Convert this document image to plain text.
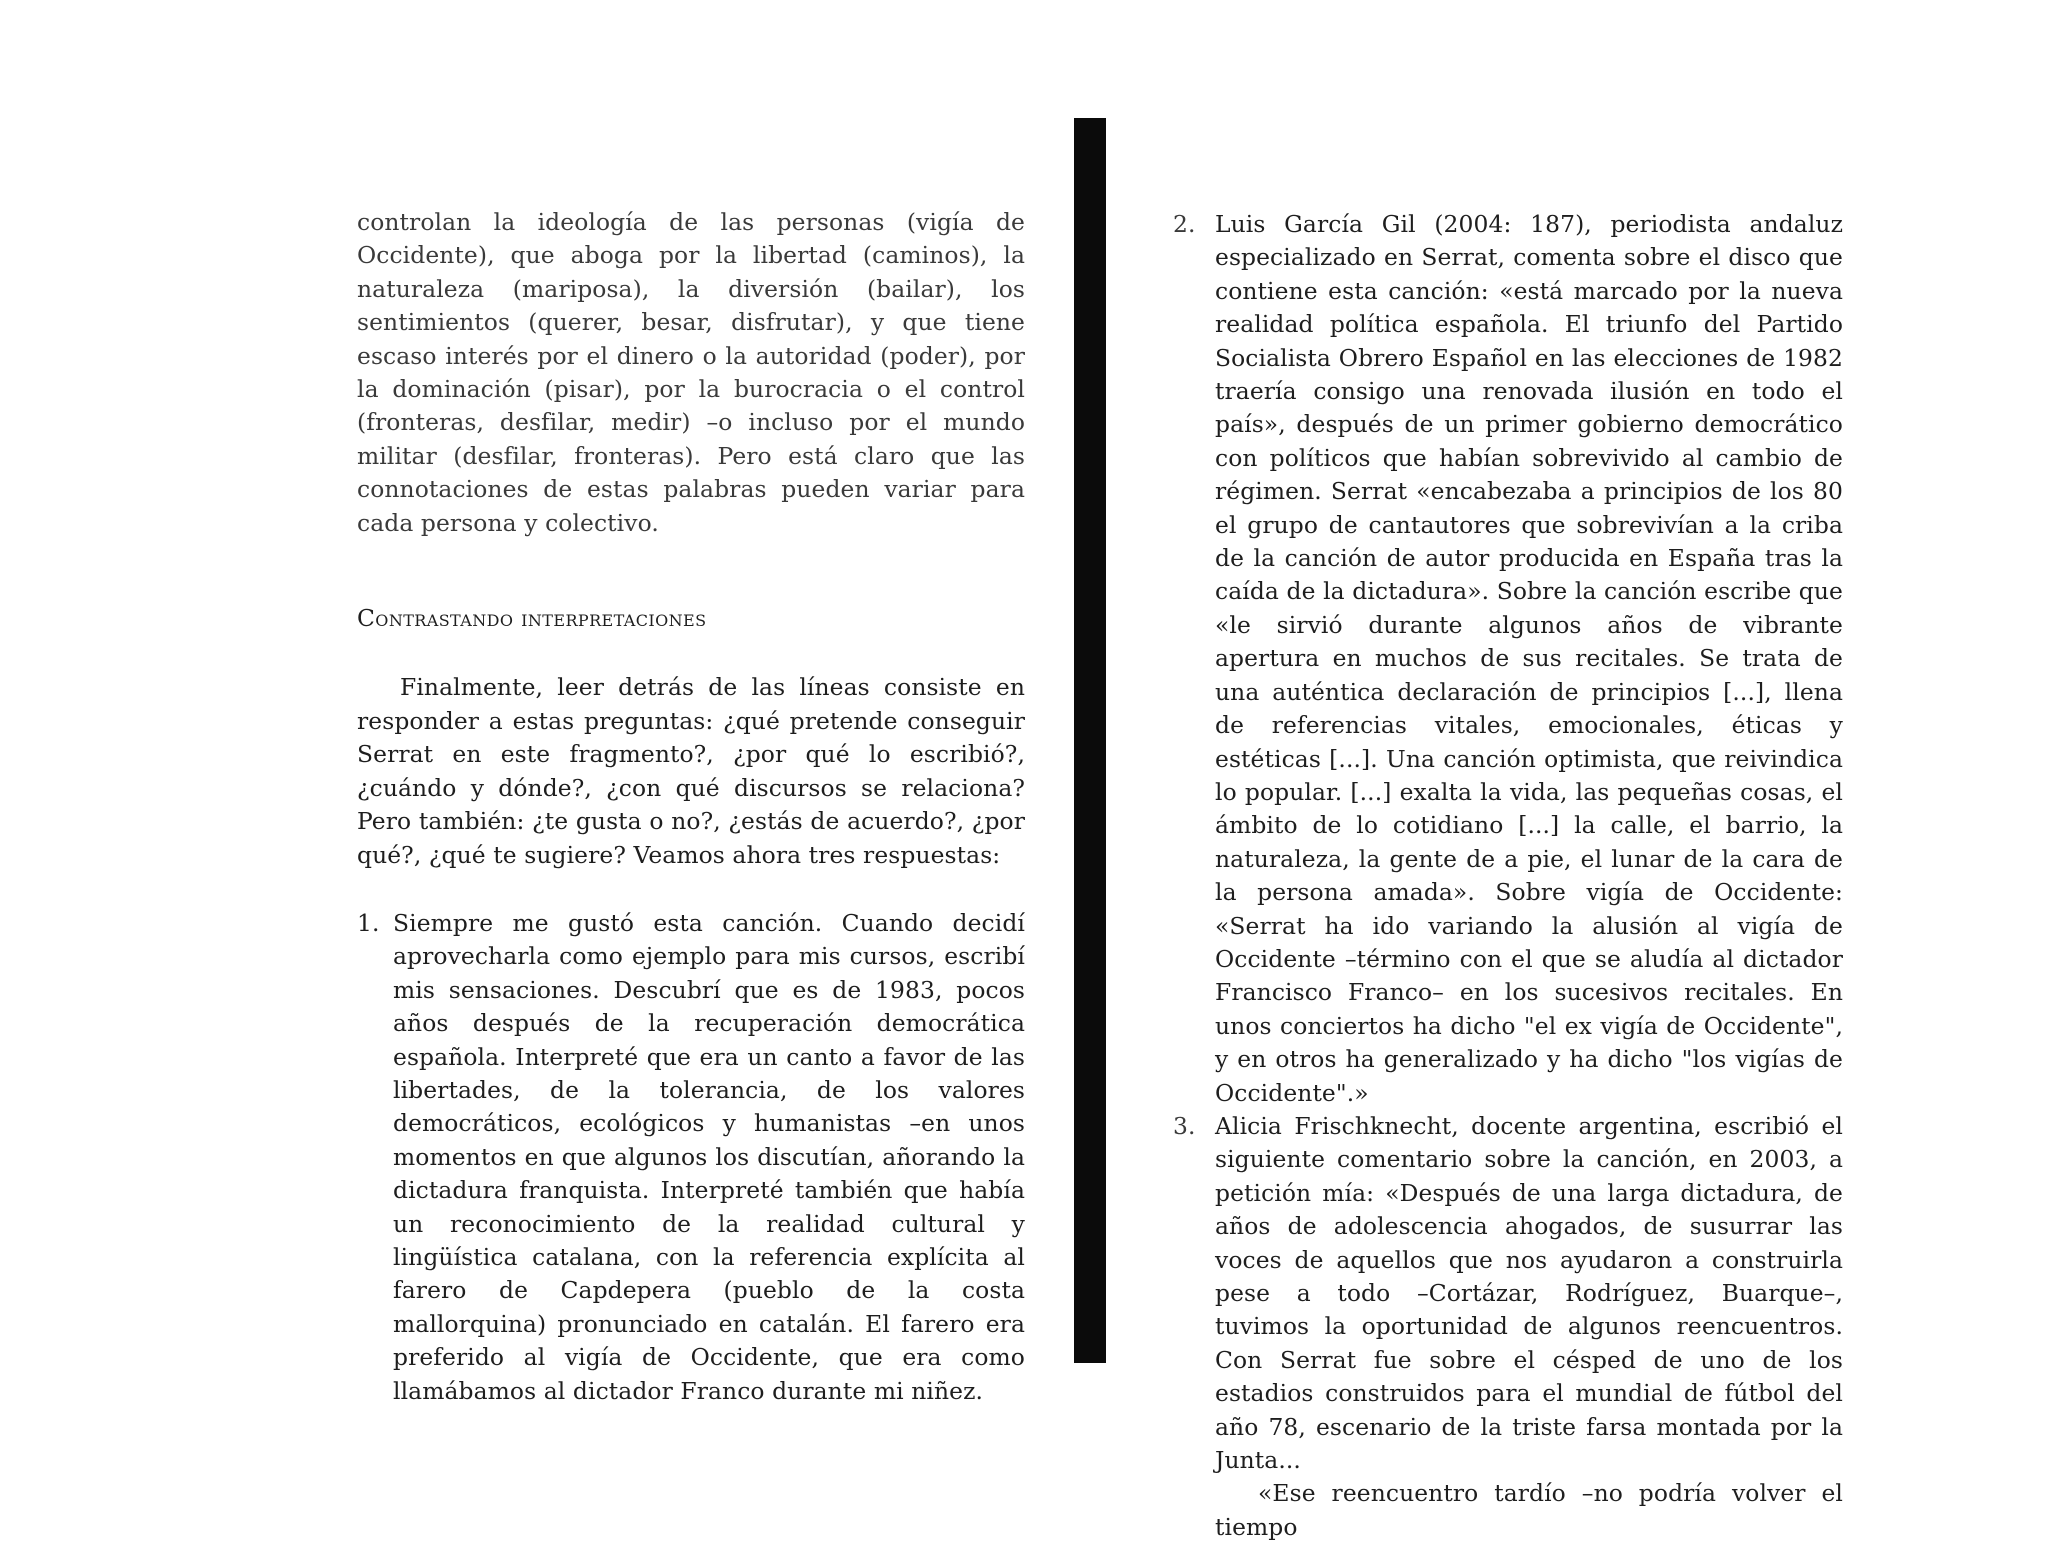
controlan la ideología de las personas (vigía de Occidente), que aboga por la libertad (caminos), la naturaleza (mariposa), la diversión (bailar), los sentimientos (querer, besar, disfrutar), y que tiene escaso interés por el dinero o la autoridad (poder), por la dominación (pisar), por la burocracia o el control (fronteras, desfilar, medir) –o incluso por el mundo militar (desfilar, fronteras). Pero está claro que las connotaciones de estas palabras pueden variar para cada persona y colectivo.

Contrastando interpretaciones

Finalmente, leer detrás de las líneas consiste en responder a estas preguntas: ¿qué pretende conseguir Serrat en este fragmento?, ¿por qué lo escribió?, ¿cuándo y dónde?, ¿con qué discursos se relaciona? Pero también: ¿te gusta o no?, ¿estás de acuerdo?, ¿por qué?, ¿qué te sugiere? Veamos ahora tres respuestas:

1. Siempre me gustó esta canción. Cuando decidí aprovecharla como ejemplo para mis cursos, escribí mis sensaciones. Descubrí que es de 1983, pocos años después de la recuperación democrática española. Interpreté que era un canto a favor de las libertades, de la tolerancia, de los valores democráticos, ecológicos y humanistas –en unos momentos en que algunos los discutían, añorando la dictadura franquista. Interpreté también que había un reconocimiento de la realidad cultural y lingüística catalana, con la referencia explícita al farero de Capdepera (pueblo de la costa mallorquina) pronunciado en catalán. El farero era preferido al vigía de Occidente, que era como llamábamos al dictador Franco durante mi niñez.

2. Luis García Gil (2004: 187), periodista andaluz especializado en Serrat, comenta sobre el disco que contiene esta canción: «está marcado por la nueva realidad política española. El triunfo del Partido Socialista Obrero Español en las elecciones de 1982 traería consigo una renovada ilusión en todo el país», después de un primer gobierno democrático con políticos que habían sobrevivido al cambio de régimen. Serrat «encabezaba a principios de los 80 el grupo de cantautores que sobrevivían a la criba de la canción de autor producida en España tras la caída de la dictadura». Sobre la canción escribe que «le sirvió durante algunos años de vibrante apertura en muchos de sus recitales. Se trata de una auténtica declaración de principios [...], llena de referencias vitales, emocionales, éticas y estéticas [...]. Una canción optimista, que reivindica lo popular. [...] exalta la vida, las pequeñas cosas, el ámbito de lo cotidiano [...] la calle, el barrio, la naturaleza, la gente de a pie, el lunar de la cara de la persona amada». Sobre vigía de Occidente: «Serrat ha ido variando la alusión al vigía de Occidente –término con el que se aludía al dictador Francisco Franco– en los sucesivos recitales. En unos conciertos ha dicho "el ex vigía de Occidente", y en otros ha generalizado y ha dicho "los vigías de Occidente".»

3. Alicia Frischknecht, docente argentina, escribió el siguiente comentario sobre la canción, en 2003, a petición mía: «Después de una larga dictadura, de años de adolescencia ahogados, de susurrar las voces de aquellos que nos ayudaron a construirla pese a todo –Cortázar, Rodríguez, Buarque–, tuvimos la oportunidad de algunos reencuentros. Con Serrat fue sobre el césped de uno de los estadios construidos para el mundial de fútbol del año 78, escenario de la triste farsa montada por la Junta...

«Ese reencuentro tardío –no podría volver el tiempo
